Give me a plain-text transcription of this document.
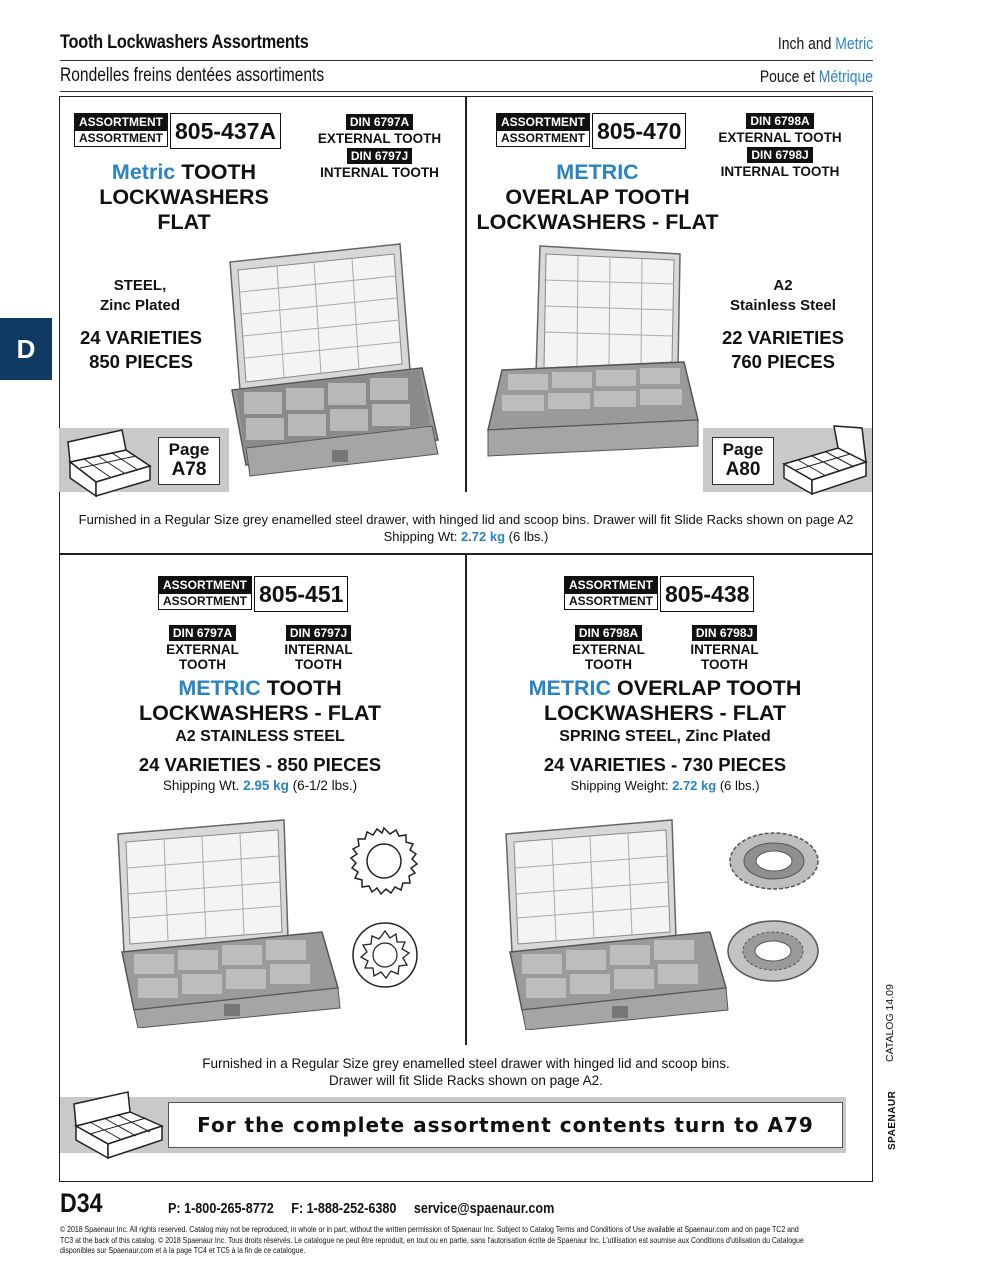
Tooth Lockwashers Assortments
Rondelles freins dentées assortiments
Inch and Metric
Pouce et Métrique
D
ASSORTMENT
ASSORTMENT 805-437A	DIN 6797A
EXTERNAL TOOTH
DIN 6797J
INTERNAL TOOTH
Metric TOOTH
LOCKWASHERS
FLAT
STEEL,
Zinc Plated
24 VARIETIES
850 PIECES
Page
A78
ASSORTMENT
ASSORTMENT 805-470	DIN 6798A
EXTERNAL TOOTH
DIN 6798J
INTERNAL TOOTH
METRIC
OVERLAP TOOTH
LOCKWASHERS - FLAT
A2
Stainless Steel
22 VARIETIES
760 PIECES
Page
A80
Furnished in a Regular Size grey enamelled steel drawer, with hinged lid and scoop bins. Drawer will fit Slide Racks shown on page A2
Shipping Wt: 2.72 kg (6 lbs.)
ASSORTMENT
ASSORTMENT 805-451
DIN 6797A
EXTERNAL
TOOTH
DIN 6797J
INTERNAL
TOOTH
METRIC TOOTH
LOCKWASHERS - FLAT
A2 STAINLESS STEEL
24 VARIETIES - 850 PIECES
Shipping Wt. 2.95 kg (6-1/2 lbs.)
ASSORTMENT
ASSORTMENT 805-438
DIN 6798A
EXTERNAL
TOOTH
DIN 6798J
INTERNAL
TOOTH
METRIC OVERLAP TOOTH
LOCKWASHERS - FLAT
SPRING STEEL, Zinc Plated
24 VARIETIES - 730 PIECES
Shipping Weight: 2.72 kg (6 lbs.)
Furnished in a Regular Size grey enamelled steel drawer with hinged lid and scoop bins.
Drawer will fit Slide Racks shown on page A2.
For the complete assortment contents turn to A79
CATALOG 14.09
SPAENAUR
D34	P: 1-800-265-8772 F: 1-888-252-6380 service@spaenaur.com
© 2018 Spaenaur Inc. All rights reserved. Catalog may not be reproduced, in whole or in part, without the written permission of Spaenaur Inc. Subject to Catalog Terms and Conditions of Use available at Spaenaur.com and on page TC2 and
TC3 at the back of this catalog. © 2018 Spaenaur Inc. Tous droits réservés. Le catalogue ne peut être reproduit, en tout ou en partie, sans l'autorisation écrite de Spaenaur Inc. L'utilisation est soumise aux Conditions d'utilisation du Catalogue
disponibles sur Spaenaur.com et à la page TC4 et TC5 à la fin de ce catalogue.
